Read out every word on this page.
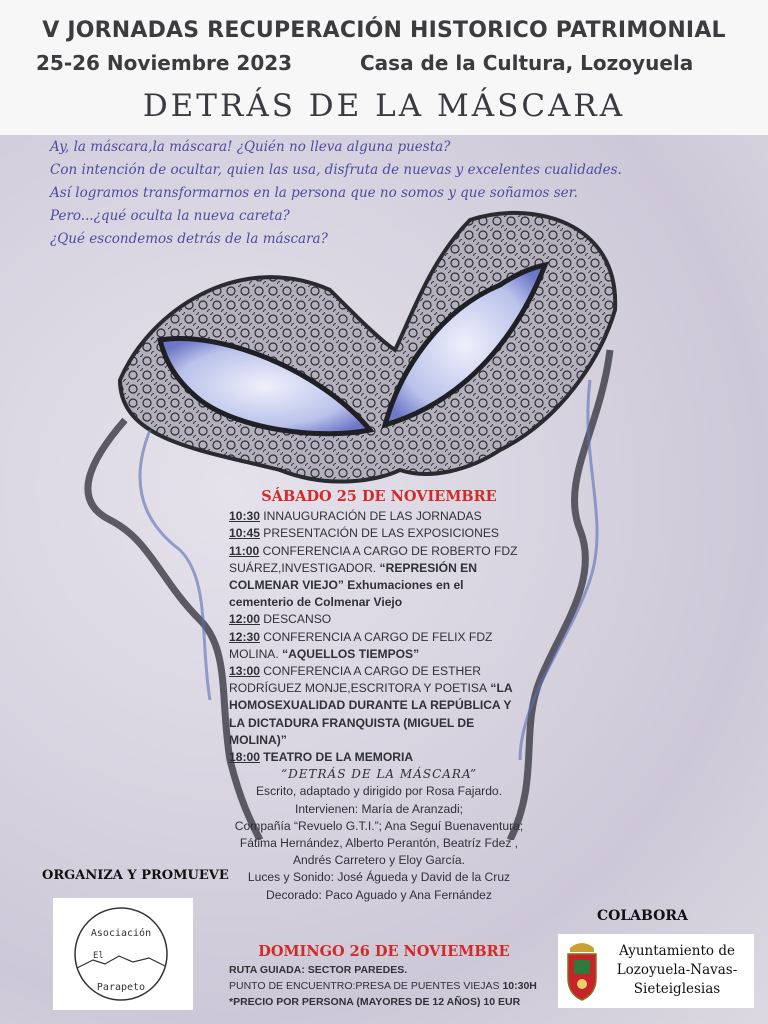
V JORNADAS RECUPERACIÓN HISTORICO PATRIMONIAL
25-26 Noviembre 2023	Casa de la Cultura, Lozoyuela
DETRÁS DE LA MÁSCARA
Ay, la máscara,la máscara! ¿Quién no lleva alguna puesta?
Con intención de ocultar, quien las usa, disfruta de nuevas y excelentes cualidades.
Así logramos transformarnos en la persona que no somos y que soñamos ser.
Pero...¿qué oculta la nueva careta?
¿Qué escondemos detrás de la máscara?
SÁBADO 25 DE NOVIEMBRE
10:30 INNAUGURACIÓN DE LAS JORNADAS
10:45 PRESENTACIÓN DE LAS EXPOSICIONES
11:00 CONFERENCIA A CARGO DE ROBERTO FDZ SUÁREZ,INVESTIGADOR. “REPRESIÓN EN COLMENAR VIEJO” Exhumaciones en el cementerio de Colmenar Viejo
12:00 DESCANSO
12:30 CONFERENCIA A CARGO DE FELIX FDZ MOLINA. “AQUELLOS TIEMPOS”
13:00 CONFERENCIA A CARGO DE ESTHER RODRÍGUEZ MONJE,ESCRITORA Y POETISA “LA HOMOSEXUALIDAD DURANTE LA REPÚBLICA Y LA DICTADURA FRANQUISTA (MIGUEL DE MOLINA)”
18:00 TEATRO DE LA MEMORIA
“DETRÁS DE LA MÁSCARA”
Escrito, adaptado y dirigido por Rosa Fajardo.
Intervienen: María de Aranzadi;
Compañía “Revuelo G.T.I.”; Ana Seguí Buenaventura;
Fátima Hernández, Alberto Perantón, Beatríz Fdez ,
Andrés Carretero y Eloy García.
Luces y Sonido: José Águeda y David de la Cruz
Decorado: Paco Aguado y Ana Fernández
DOMINGO 26 DE NOVIEMBRE
RUTA GUIADA: SECTOR PAREDES.
PUNTO DE ENCUENTRO:PRESA DE PUENTES VIEJAS 10:30H
*PRECIO POR PERSONA (MAYORES DE 12 AÑOS) 10 EUR
ORGANIZA Y PROMUEVE
Asociación
El
Parapeto
COLABORA
Ayuntamiento de
Lozoyuela-Navas-
Sieteiglesias
